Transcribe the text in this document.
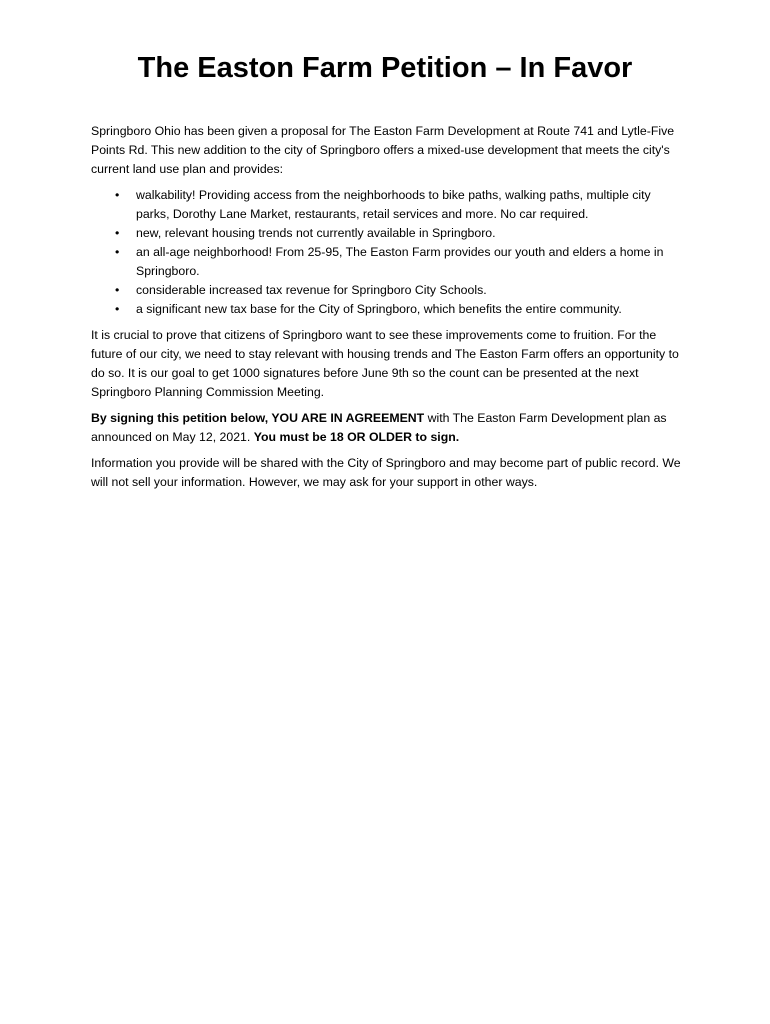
The Easton Farm Petition – In Favor

Springboro Ohio has been given a proposal for The Easton Farm Development at Route 741 and Lytle-Five Points Rd. This new addition to the city of Springboro offers a mixed-use development that meets the city's current land use plan and provides:

• walkability! Providing access from the neighborhoods to bike paths, walking paths, multiple city parks, Dorothy Lane Market, restaurants, retail services and more. No car required.
• new, relevant housing trends not currently available in Springboro.
• an all-age neighborhood! From 25-95, The Easton Farm provides our youth and elders a home in Springboro.
• considerable increased tax revenue for Springboro City Schools.
• a significant new tax base for the City of Springboro, which benefits the entire community.

It is crucial to prove that citizens of Springboro want to see these improvements come to fruition. For the future of our city, we need to stay relevant with housing trends and The Easton Farm offers an opportunity to do so. It is our goal to get 1000 signatures before June 9th so the count can be presented at the next Springboro Planning Commission Meeting.

By signing this petition below, YOU ARE IN AGREEMENT with The Easton Farm Development plan as announced on May 12, 2021. You must be 18 OR OLDER to sign.

Information you provide will be shared with the City of Springboro and may become part of public record. We will not sell your information. However, we may ask for your support in other ways.
